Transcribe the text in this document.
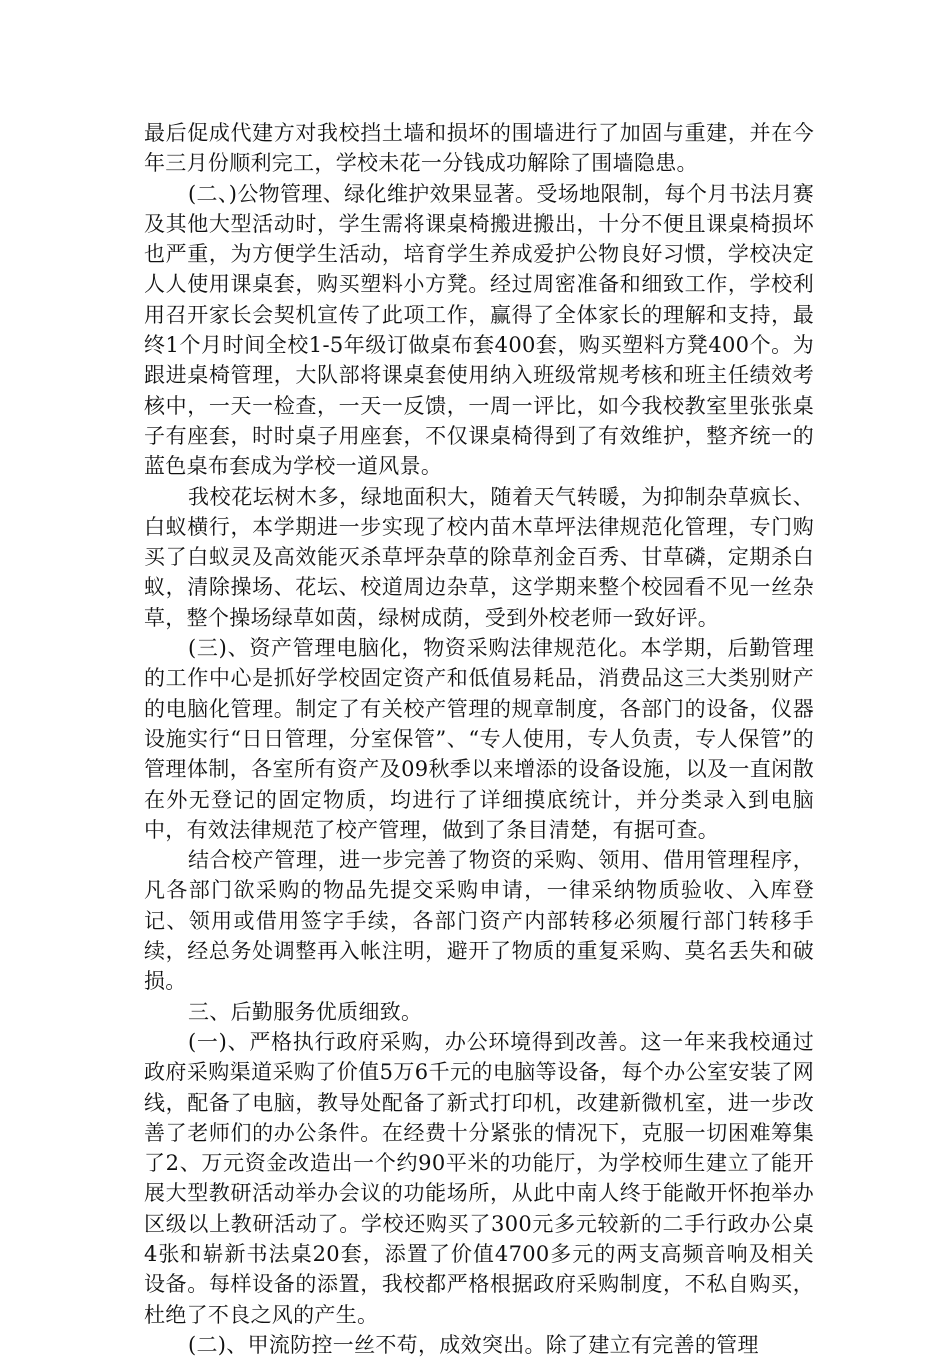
最后促成代建方对我校挡土墙和损坏的围墙进行了加固与重建，并在今年三月份顺利完工，学校未花一分钱成功解除了围墙隐患。

(二、)公物管理、绿化维护效果显著。受场地限制，每个月书法月赛及其他大型活动时，学生需将课桌椅搬进搬出，十分不便且课桌椅损坏也严重，为方便学生活动，培育学生养成爱护公物良好习惯，学校决定人人使用课桌套，购买塑料小方凳。经过周密准备和细致工作，学校利用召开家长会契机宣传了此项工作，赢得了全体家长的理解和支持，最终1个月时间全校1-5年级订做桌布套400套，购买塑料方凳400个。为跟进桌椅管理，大队部将课桌套使用纳入班级常规考核和班主任绩效考核中，一天一检查，一天一反馈，一周一评比，如今我校教室里张张桌子有座套，时时桌子用座套，不仅课桌椅得到了有效维护，整齐统一的蓝色桌布套成为学校一道风景。

我校花坛树木多，绿地面积大，随着天气转暖，为抑制杂草疯长、白蚁横行，本学期进一步实现了校内苗木草坪法律规范化管理，专门购买了白蚁灵及高效能灭杀草坪杂草的除草剂金百秀、甘草磷，定期杀白蚁，清除操场、花坛、校道周边杂草，这学期来整个校园看不见一丝杂草，整个操场绿草如茵，绿树成荫，受到外校老师一致好评。

(三)、资产管理电脑化，物资采购法律规范化。本学期，后勤管理的工作中心是抓好学校固定资产和低值易耗品，消费品这三大类别财产的电脑化管理。制定了有关校产管理的规章制度，各部门的设备，仪器设施实行“日日管理，分室保管”、“专人使用，专人负责，专人保管”的管理体制，各室所有资产及09秋季以来增添的设备设施，以及一直闲散在外无登记的固定物质，均进行了详细摸底统计，并分类录入到电脑中，有效法律规范了校产管理，做到了条目清楚，有据可查。

结合校产管理，进一步完善了物资的采购、领用、借用管理程序，凡各部门欲采购的物品先提交采购申请，一律采纳物质验收、入库登记、领用或借用签字手续，各部门资产内部转移必须履行部门转移手续，经总务处调整再入帐注明，避开了物质的重复采购、莫名丢失和破损。

三、后勤服务优质细致。

(一)、严格执行政府采购，办公环境得到改善。这一年来我校通过政府采购渠道采购了价值5万6千元的电脑等设备，每个办公室安装了网线，配备了电脑，教导处配备了新式打印机，改建新微机室，进一步改善了老师们的办公条件。在经费十分紧张的情况下，克服一切困难筹集了2、万元资金改造出一个约90平米的功能厅，为学校师生建立了能开展大型教研活动举办会议的功能场所，从此中南人终于能敞开怀抱举办区级以上教研活动了。学校还购买了300元多元较新的二手行政办公桌4张和崭新书法桌20套，添置了价值4700多元的两支高频音响及相关设备。每样设备的添置，我校都严格根据政府采购制度，不私自购买，杜绝了不良之风的产生。

(二)、甲流防控一丝不苟，成效突出。除了建立有完善的管理
